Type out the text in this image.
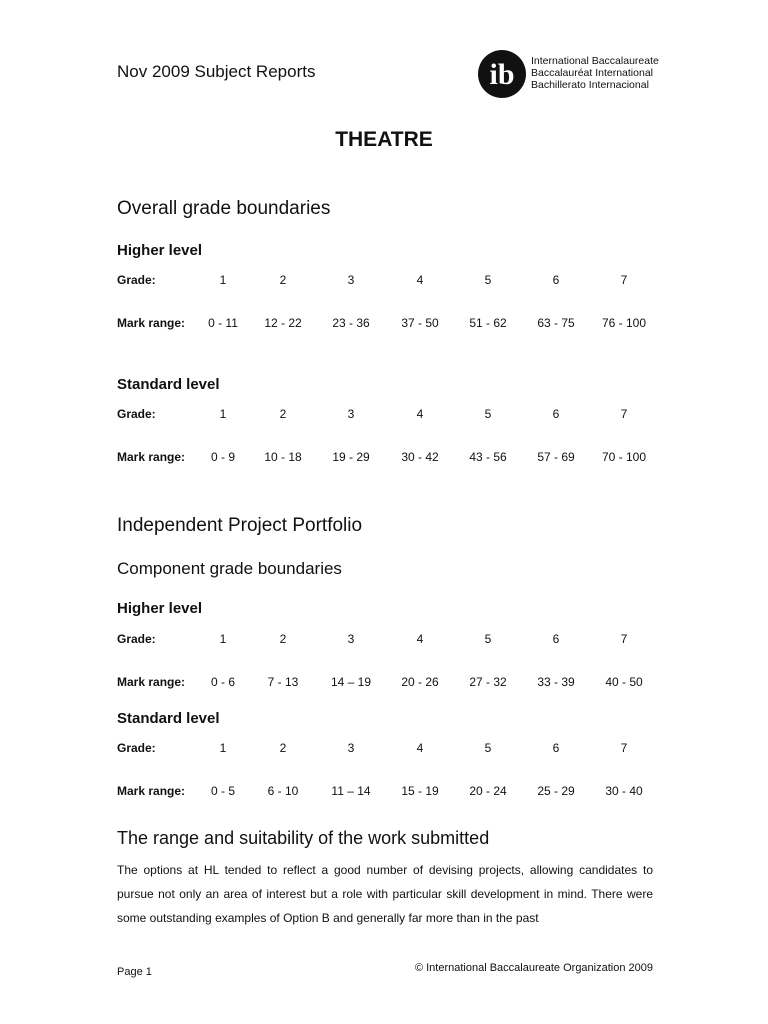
Nov 2009 Subject Reports	ib International Baccalaureate
Baccalauréat International
Bachillerato Internacional
THEATRE
Overall grade boundaries
Higher level
Grade:	1	2	3	4	5	6	7
Mark range:	0 - 11	12 - 22	23 - 36	37 - 50	51 - 62	63 - 75	76 - 100
Standard level
Grade:	1	2	3	4	5	6	7
Mark range:	0 - 9	10 - 18	19 - 29	30 - 42	43 - 56	57 - 69	70 - 100
Independent Project Portfolio
Component grade boundaries
Higher level
Grade:	1	2	3	4	5	6	7
Mark range:	0 - 6	7 - 13	14 – 19	20 - 26	27 - 32	33 - 39	40 - 50
Standard level
Grade:	1	2	3	4	5	6	7
Mark range:	0 - 5	6 - 10	11 – 14	15 - 19	20 - 24	25 - 29	30 - 40
The range and suitability of the work submitted

The options at HL tended to reflect a good number of devising projects, allowing candidates to pursue not only an area of interest but a role with particular skill development in mind. There were some outstanding examples of Option B and generally far more than in the past

Page 1	© International Baccalaureate Organization 2009
